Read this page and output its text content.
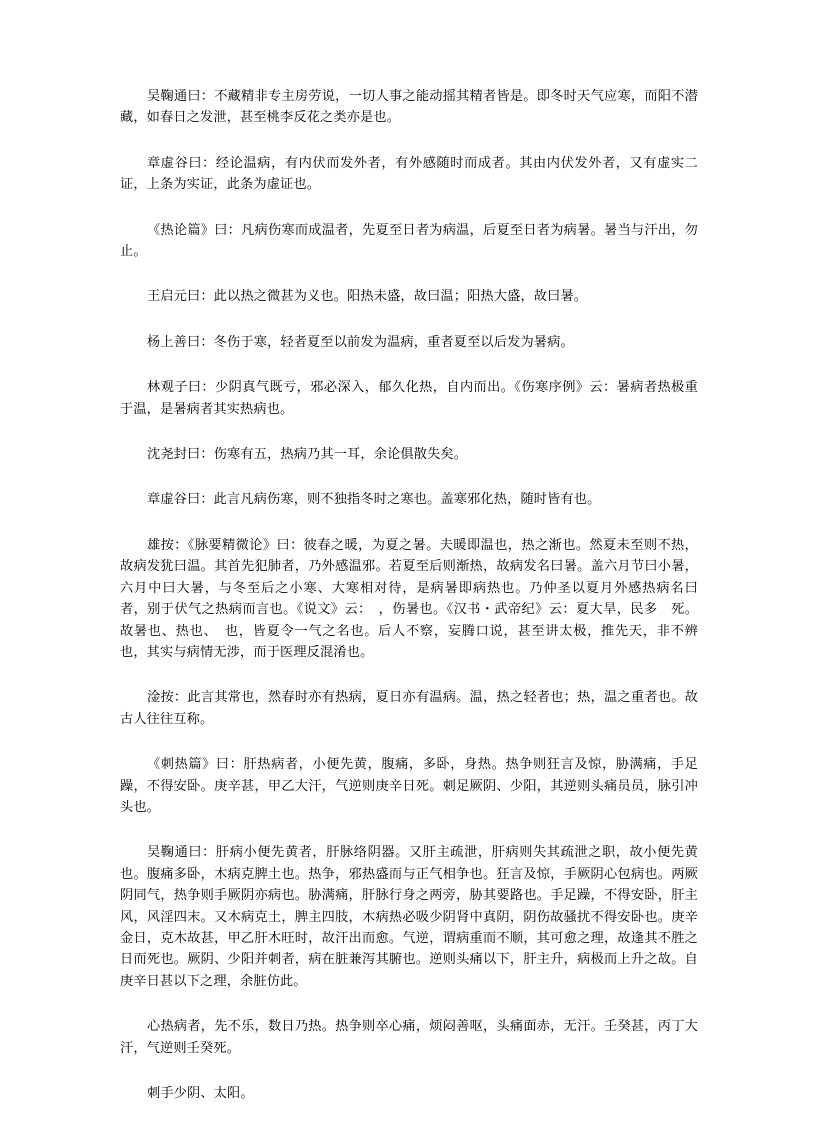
吴鞠通曰：不藏精非专主房劳说，一切人事之能动摇其精者皆是。即冬时天气应寒，而阳不潜藏，如春日之发泄，甚至桃李反花之类亦是也。

章虚谷曰：经论温病，有内伏而发外者，有外感随时而成者。其由内伏发外者，又有虚实二证，上条为实证，此条为虚证也。

《热论篇》曰：凡病伤寒而成温者，先夏至日者为病温，后夏至日者为病暑。暑当与汗出，勿止。

王启元曰：此以热之微甚为义也。阳热未盛，故曰温；阳热大盛，故曰暑。

杨上善曰：冬伤于寒，轻者夏至以前发为温病，重者夏至以后发为暑病。

林观子曰：少阴真气既亏，邪必深入，郁久化热，自内而出。《伤寒序例》云：暑病者热极重于温，是暑病者其实热病也。

沈尧封曰：伤寒有五，热病乃其一耳，余论俱散失矣。

章虚谷曰：此言凡病伤寒，则不独指冬时之寒也。盖寒邪化热，随时皆有也。

雄按：《脉要精微论》曰：彼春之暖，为夏之暑。夫暖即温也，热之渐也。然夏未至则不热，故病发犹曰温。其首先犯肺者，乃外感温邪。若夏至后则渐热，故病发名曰暑。盖六月节曰小暑，六月中曰大暑，与冬至后之小寒、大寒相对待，是病暑即病热也。乃仲圣以夏月外感热病名曰　者，别于伏气之热病而言也。《说文》云：　，伤暑也。《汉书・武帝纪》云：夏大旱，民多　死。故暑也、热也、　也，皆夏令一气之名也。后人不察，妄腾口说，甚至讲太极，推先天，非不辨也，其实与病情无涉，而于医理反混淆也。

淦按：此言其常也，然春时亦有热病，夏日亦有温病。温，热之轻者也；热，温之重者也。故古人往往互称。

《刺热篇》曰：肝热病者，小便先黄，腹痛，多卧，身热。热争则狂言及惊，胁满痛，手足躁，不得安卧。庚辛甚，甲乙大汗，气逆则庚辛日死。刺足厥阴、少阳，其逆则头痛员员，脉引冲头也。

吴鞠通曰：肝病小便先黄者，肝脉络阴器。又肝主疏泄，肝病则失其疏泄之职，故小便先黄也。腹痛多卧，木病克脾土也。热争，邪热盛而与正气相争也。狂言及惊，手厥阴心包病也。两厥阴同气，热争则手厥阴亦病也。胁满痛，肝脉行身之两旁，胁其要路也。手足躁，不得安卧，肝主风，风淫四末。又木病克土，脾主四肢，木病热必吸少阴肾中真阴，阴伤故骚扰不得安卧也。庚辛金日，克木故甚，甲乙肝木旺时，故汗出而愈。气逆，谓病重而不顺，其可愈之理，故逢其不胜之日而死也。厥阴、少阳并刺者，病在脏兼泻其腑也。逆则头痛以下，肝主升，病极而上升之故。自庚辛日甚以下之理，余脏仿此。

心热病者，先不乐，数日乃热。热争则卒心痛，烦闷善呕，头痛面赤，无汗。壬癸甚，丙丁大汗，气逆则壬癸死。

刺手少阴、太阳。
